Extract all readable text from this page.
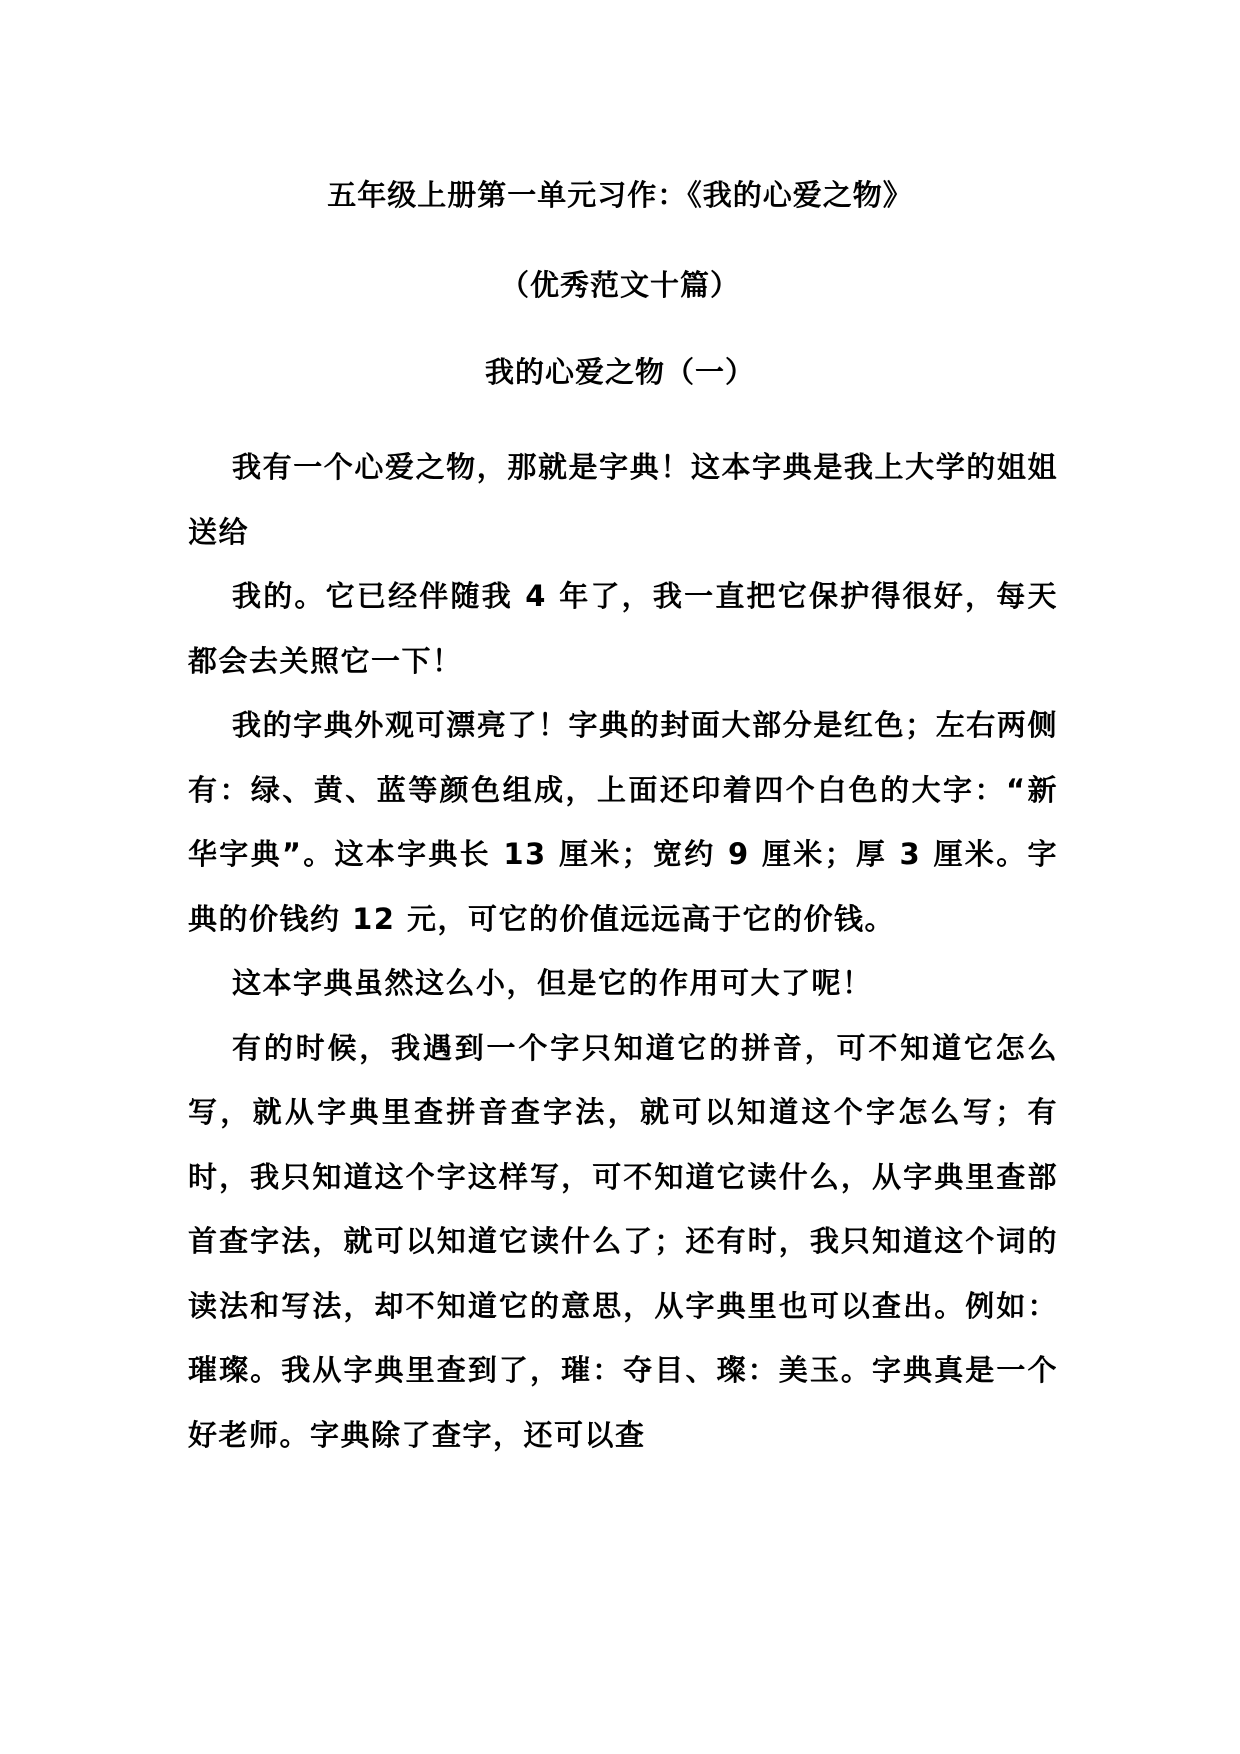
五年级上册第一单元习作：《我的心爱之物》
（优秀范文十篇）
我的心爱之物（一）

我有一个心爱之物，那就是字典！这本字典是我上大学的姐姐送给

我的。它已经伴随我 4 年了，我一直把它保护得很好，每天都会去关照它一下！

我的字典外观可漂亮了！字典的封面大部分是红色；左右两侧有：绿、黄、蓝等颜色组成，上面还印着四个白色的大字：“新华字典”。这本字典长 13 厘米；宽约 9 厘米；厚 3 厘米。字典的价钱约 12 元，可它的价值远远高于它的价钱。

这本字典虽然这么小，但是它的作用可大了呢！

有的时候，我遇到一个字只知道它的拼音，可不知道它怎么写，就从字典里查拼音查字法，就可以知道这个字怎么写；有时，我只知道这个字这样写，可不知道它读什么，从字典里查部首查字法，就可以知道它读什么了；还有时，我只知道这个词的读法和写法，却不知道它的意思，从字典里也可以查出。例如：璀璨。我从字典里查到了，璀：夺目、璨：美玉。字典真是一个好老师。字典除了查字，还可以查
